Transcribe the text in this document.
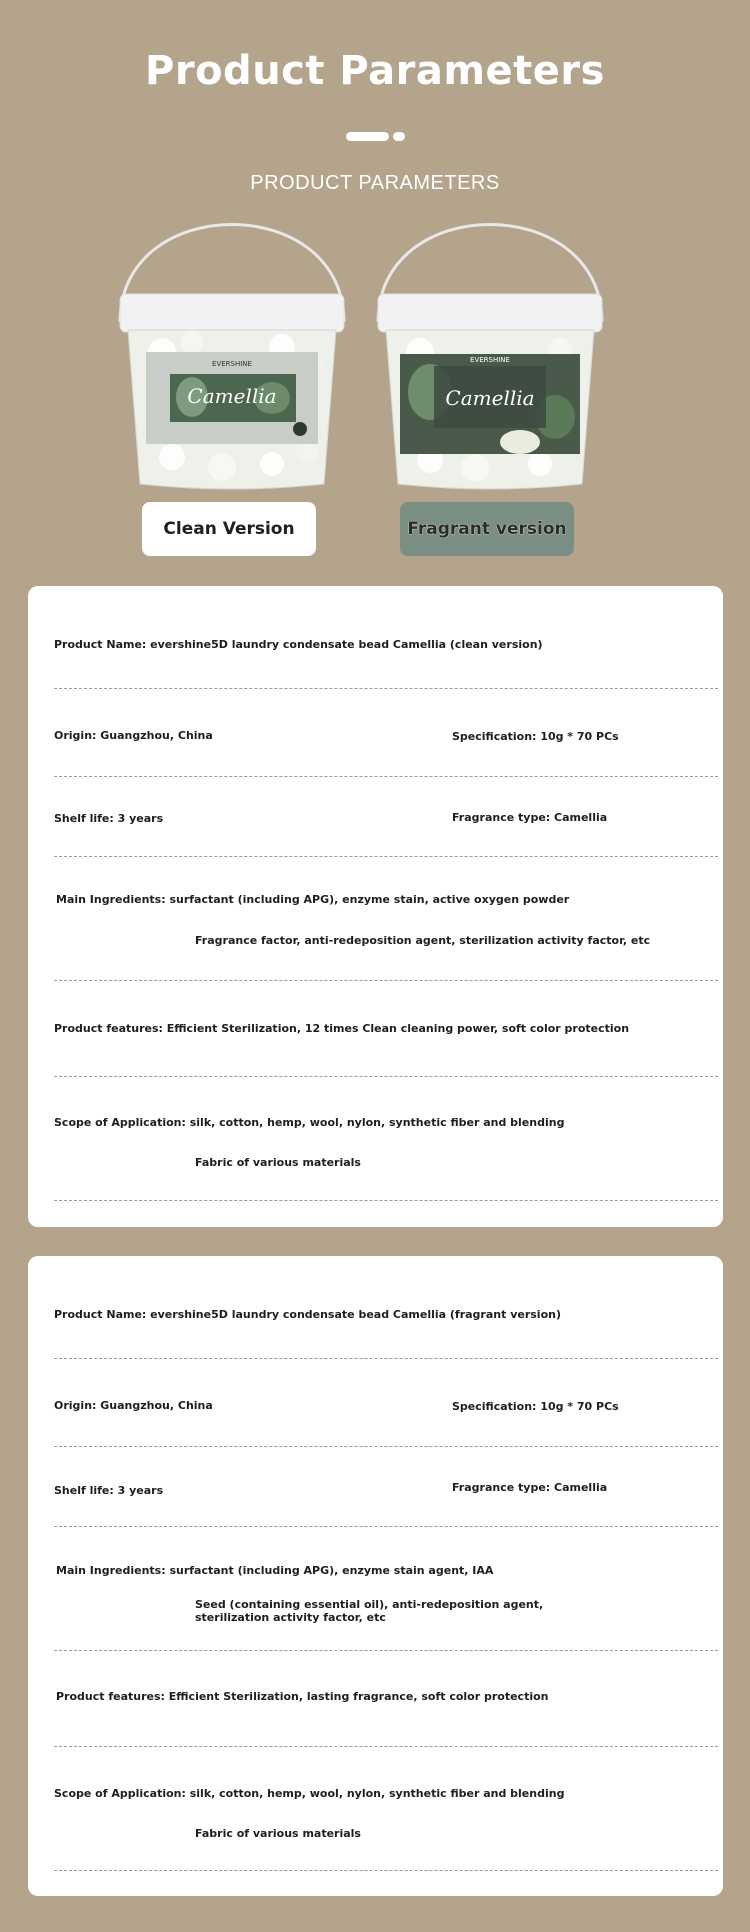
Product Parameters
PRODUCT PARAMETERS
EVERSHINE
Camellia
EVERSHINE
Camellia
Clean Version	Fragrant version
Product Name: evershine5D laundry condensate bead Camellia (clean version)
Origin: Guangzhou, China	Specification: 10g * 70 PCs
Shelf life: 3 years	Fragrance type: Camellia
Main Ingredients: surfactant (including APG), enzyme stain, active oxygen powder
Fragrance factor, anti-redeposition agent, sterilization activity factor, etc
Product features: Efficient Sterilization, 12 times Clean cleaning power, soft color protection
Scope of Application: silk, cotton, hemp, wool, nylon, synthetic fiber and blending
Fabric of various materials
Product Name: evershine5D laundry condensate bead Camellia (fragrant version)
Origin: Guangzhou, China	Specification: 10g * 70 PCs
Shelf life: 3 years	Fragrance type: Camellia
Main Ingredients: surfactant (including APG), enzyme stain agent, IAA
Seed (containing essential oil), anti-redeposition agent, sterilization activity factor, etc
Product features: Efficient Sterilization, lasting fragrance, soft color protection
Scope of Application: silk, cotton, hemp, wool, nylon, synthetic fiber and blending
Fabric of various materials
